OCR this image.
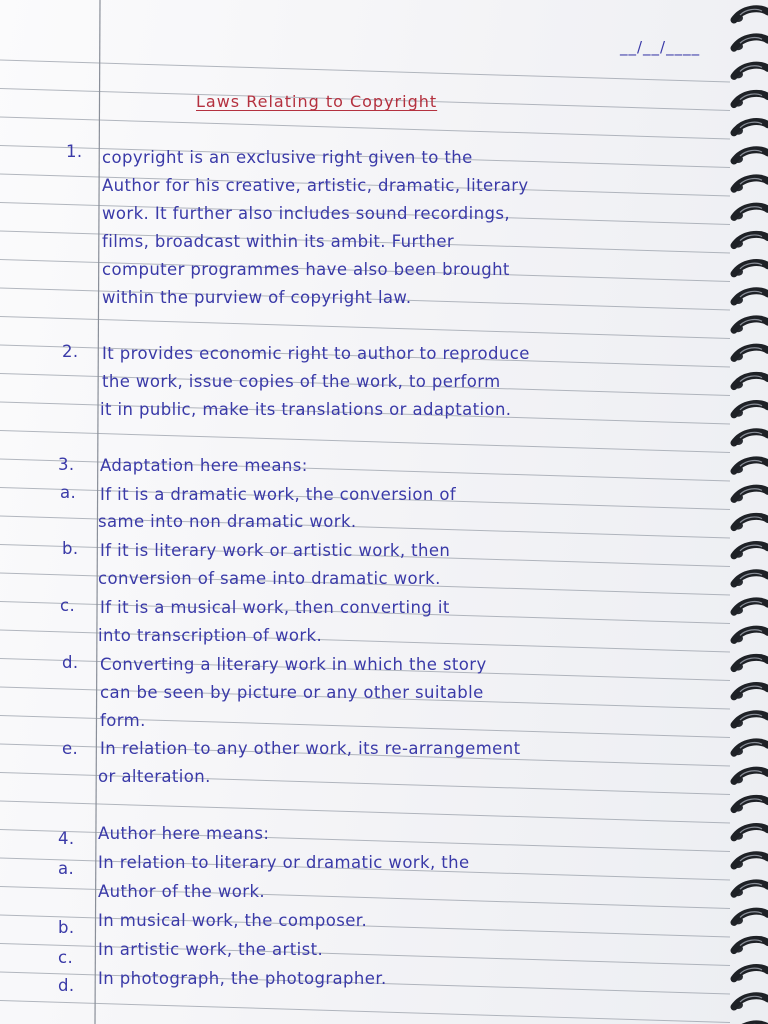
__/__/____
Laws Relating to Copyright
1. copyright is an exclusive right given to the
Author for his creative, artistic, dramatic, literary
work. It further also includes sound recordings,
films, broadcast within its ambit. Further
computer programmes have also been brought
within the purview of copyright law.
2. It provides economic right to author to reproduce
the work, issue copies of the work, to perform
it in public, make its translations or adaptation.
3. Adaptation here means:
a. If it is a dramatic work, the conversion of
same into non dramatic work.
b. If it is literary work or artistic work, then
conversion of same into dramatic work.
c. If it is a musical work, then converting it
into transcription of work.
d. Converting a literary work in which the story
can be seen by picture or any other suitable
form.
e. In relation to any other work, its re-arrangement
or alteration.
4. Author here means:
a. In relation to literary or dramatic work, the
Author of the work.
b. In musical work, the composer.
c. In artistic work, the artist.
d. In photograph, the photographer.
